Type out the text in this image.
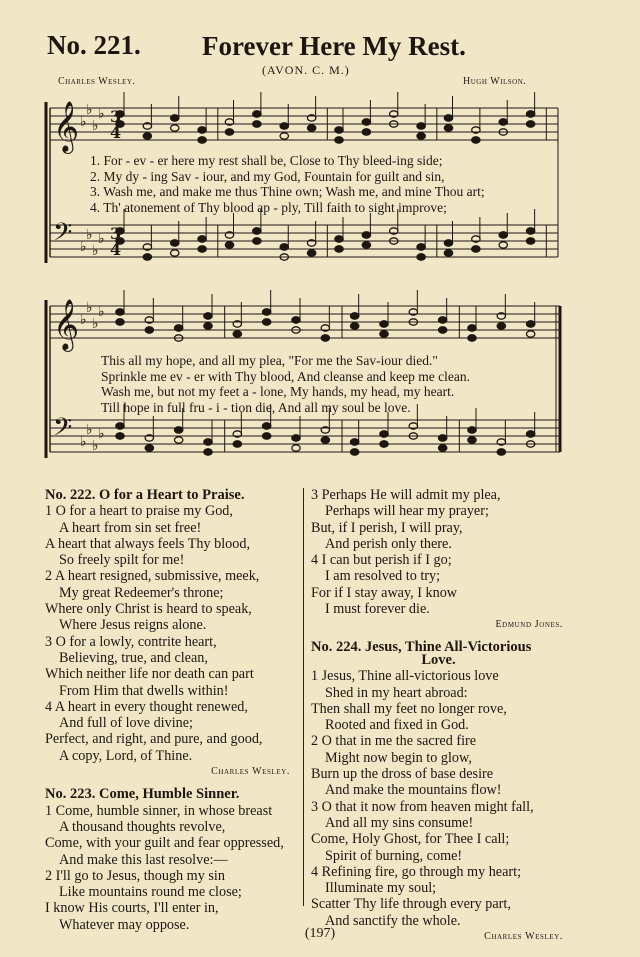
No. 221. Forever Here My Rest.
(AVON. C. M.)
Charles Wesley.	Hugh Wilson.
𝄞 ♭
♭
♭
♭
𝄢 ♭
♭
♭
♭
𝄞 ♭
♭
♭
♭
𝄢 ♭
♭
♭
♭
3
4
3
4
1. For - ev - er here my rest shall be, Close to Thy bleed-ing side;
2. My dy - ing Sav - iour, and my God, Fountain for guilt and sin,
3. Wash me, and make me thus Thine own; Wash me, and mine Thou art;
4. Th' atonement of Thy blood ap - ply, Till faith to sight improve;
This all my hope, and all my plea, "For me the Sav-iour died."
Sprinkle me ev - er with Thy blood, And cleanse and keep me clean.
Wash me, but not my feet a - lone, My hands, my head, my heart.
Till hope in full fru - i - tion die, And all my soul be love.
No. 222. O for a Heart to Praise.
1 O for a heart to praise my God,
A heart from sin set free!
A heart that always feels Thy blood,
So freely spilt for me!
2 A heart resigned, submissive, meek,
My great Redeemer's throne;
Where only Christ is heard to speak,
Where Jesus reigns alone.
3 O for a lowly, contrite heart,
Believing, true, and clean,
Which neither life nor death can part
From Him that dwells within!
4 A heart in every thought renewed,
And full of love divine;
Perfect, and right, and pure, and good,
A copy, Lord, of Thine.
Charles Wesley.
No. 223. Come, Humble Sinner.
1 Come, humble sinner, in whose breast
A thousand thoughts revolve,
Come, with your guilt and fear oppressed,
And make this last resolve:—
2 I'll go to Jesus, though my sin
Like mountains round me close;
I know His courts, I'll enter in,
Whatever may oppose.
3 Perhaps He will admit my plea,
Perhaps will hear my prayer;
But, if I perish, I will pray,
And perish only there.
4 I can but perish if I go;
I am resolved to try;
For if I stay away, I know
I must forever die.
Edmund Jones.
No. 224. Jesus, Thine All-Victorious
Love.
1 Jesus, Thine all-victorious love
Shed in my heart abroad:
Then shall my feet no longer rove,
Rooted and fixed in God.
2 O that in me the sacred fire
Might now begin to glow,
Burn up the dross of base desire
And make the mountains flow!
3 O that it now from heaven might fall,
And all my sins consume!
Come, Holy Ghost, for Thee I call;
Spirit of burning, come!
4 Refining fire, go through my heart;
Illuminate my soul;
Scatter Thy life through every part,
And sanctify the whole.
Charles Wesley.
(197)
